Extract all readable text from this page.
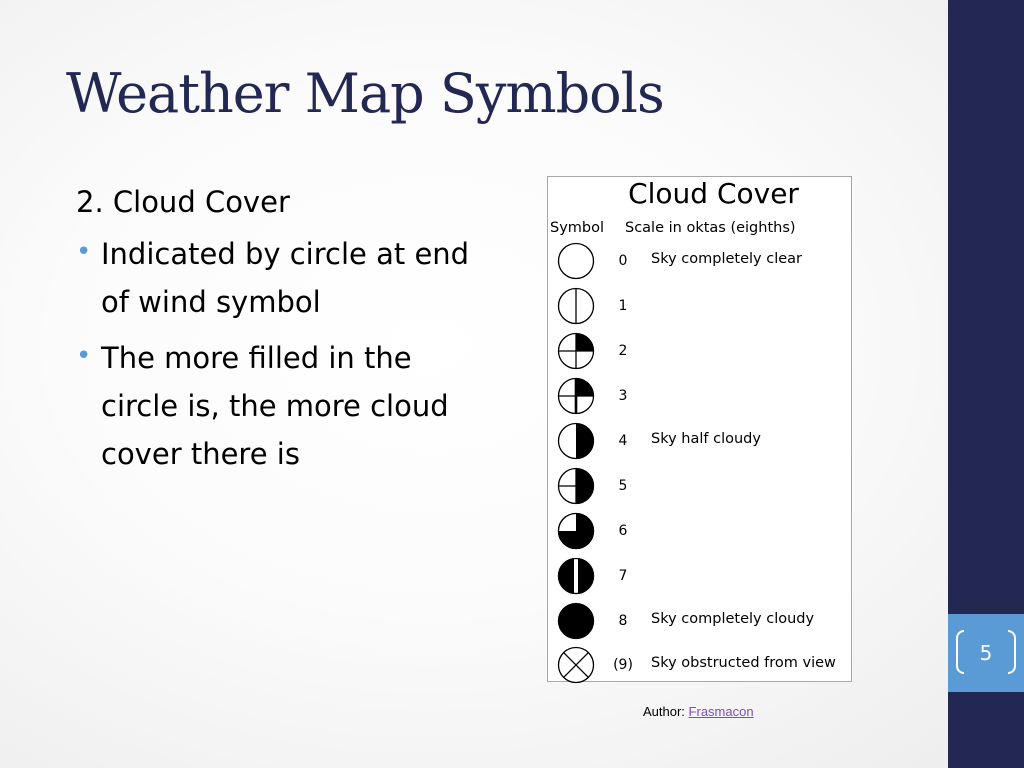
5
Weather Map Symbols

2. Cloud Cover

• Indicated by circle at end of wind symbol
• The more filled in the circle is, the more cloud cover there is
Cloud Cover
Symbol Scale in oktas (eighths)
0	Sky completely clear
1
2
3
4	Sky half cloudy
5
6
7
8	Sky completely cloudy
(9)	Sky obstructed from view
Author: Frasmacon
